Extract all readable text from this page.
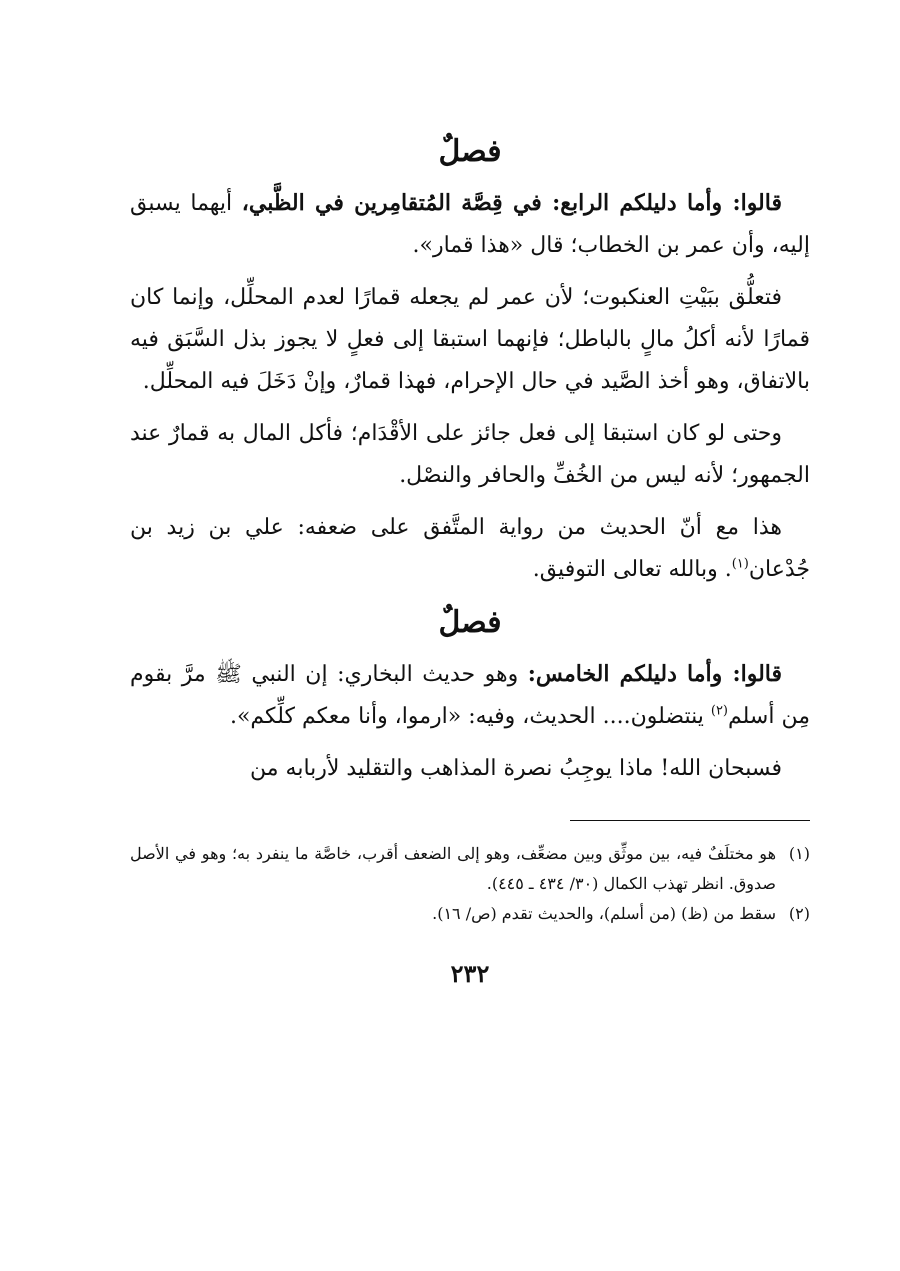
فصلٌ

قالوا: وأما دليلكم الرابع: في قِصَّة المُتقامِرين في الظَّبي، أيهما يسبق إليه، وأن عمر بن الخطاب؛ قال «هذا قمار».

فتعلُّق ببَيْتِ العنكبوت؛ لأن عمر لم يجعله قمارًا لعدم المحلِّل، وإنما كان قمارًا لأنه أكلُ مالٍ بالباطل؛ فإنهما استبقا إلى فعلٍ لا يجوز بذل السَّبَق فيه بالاتفاق، وهو أخذ الصَّيد في حال الإحرام، فهذا قمارٌ، وإنْ دَخَلَ فيه المحلِّل.

وحتى لو كان استبقا إلى فعل جائز على الأقْدَام؛ فأكل المال به قمارٌ عند الجمهور؛ لأنه ليس من الخُفِّ والحافر والنصْل.

هذا مع أنّ الحديث من رواية المتَّفق على ضعفه: علي بن زيد بن جُدْعان$^{(١)}$. وبالله تعالى التوفيق.

فصلٌ

قالوا: وأما دليلكم الخامس: وهو حديث البخاري: إن النبي ﷺ مرَّ بقوم مِن أسلم$^{(٢)}$ ينتضلون.... الحديث، وفيه: «ارموا، وأنا معكم كلِّكم».

فسبحان الله! ماذا يوجِبُ نصرة المذاهب والتقليد لأربابه من

(١)
هو مختلَفٌ فيه، بين موثِّق وبين مضعِّف، وهو إلى الضعف أقرب، خاصَّة ما ينفرد به؛ وهو في الأصل صدوق. انظر تهذب الكمال (٣٠/ ٤٣٤ ـ ٤٤٥).
(٢)
سقط من (ظ) (من أسلم)، والحديث تقدم (ص/ ١٦).
٢٣٢
